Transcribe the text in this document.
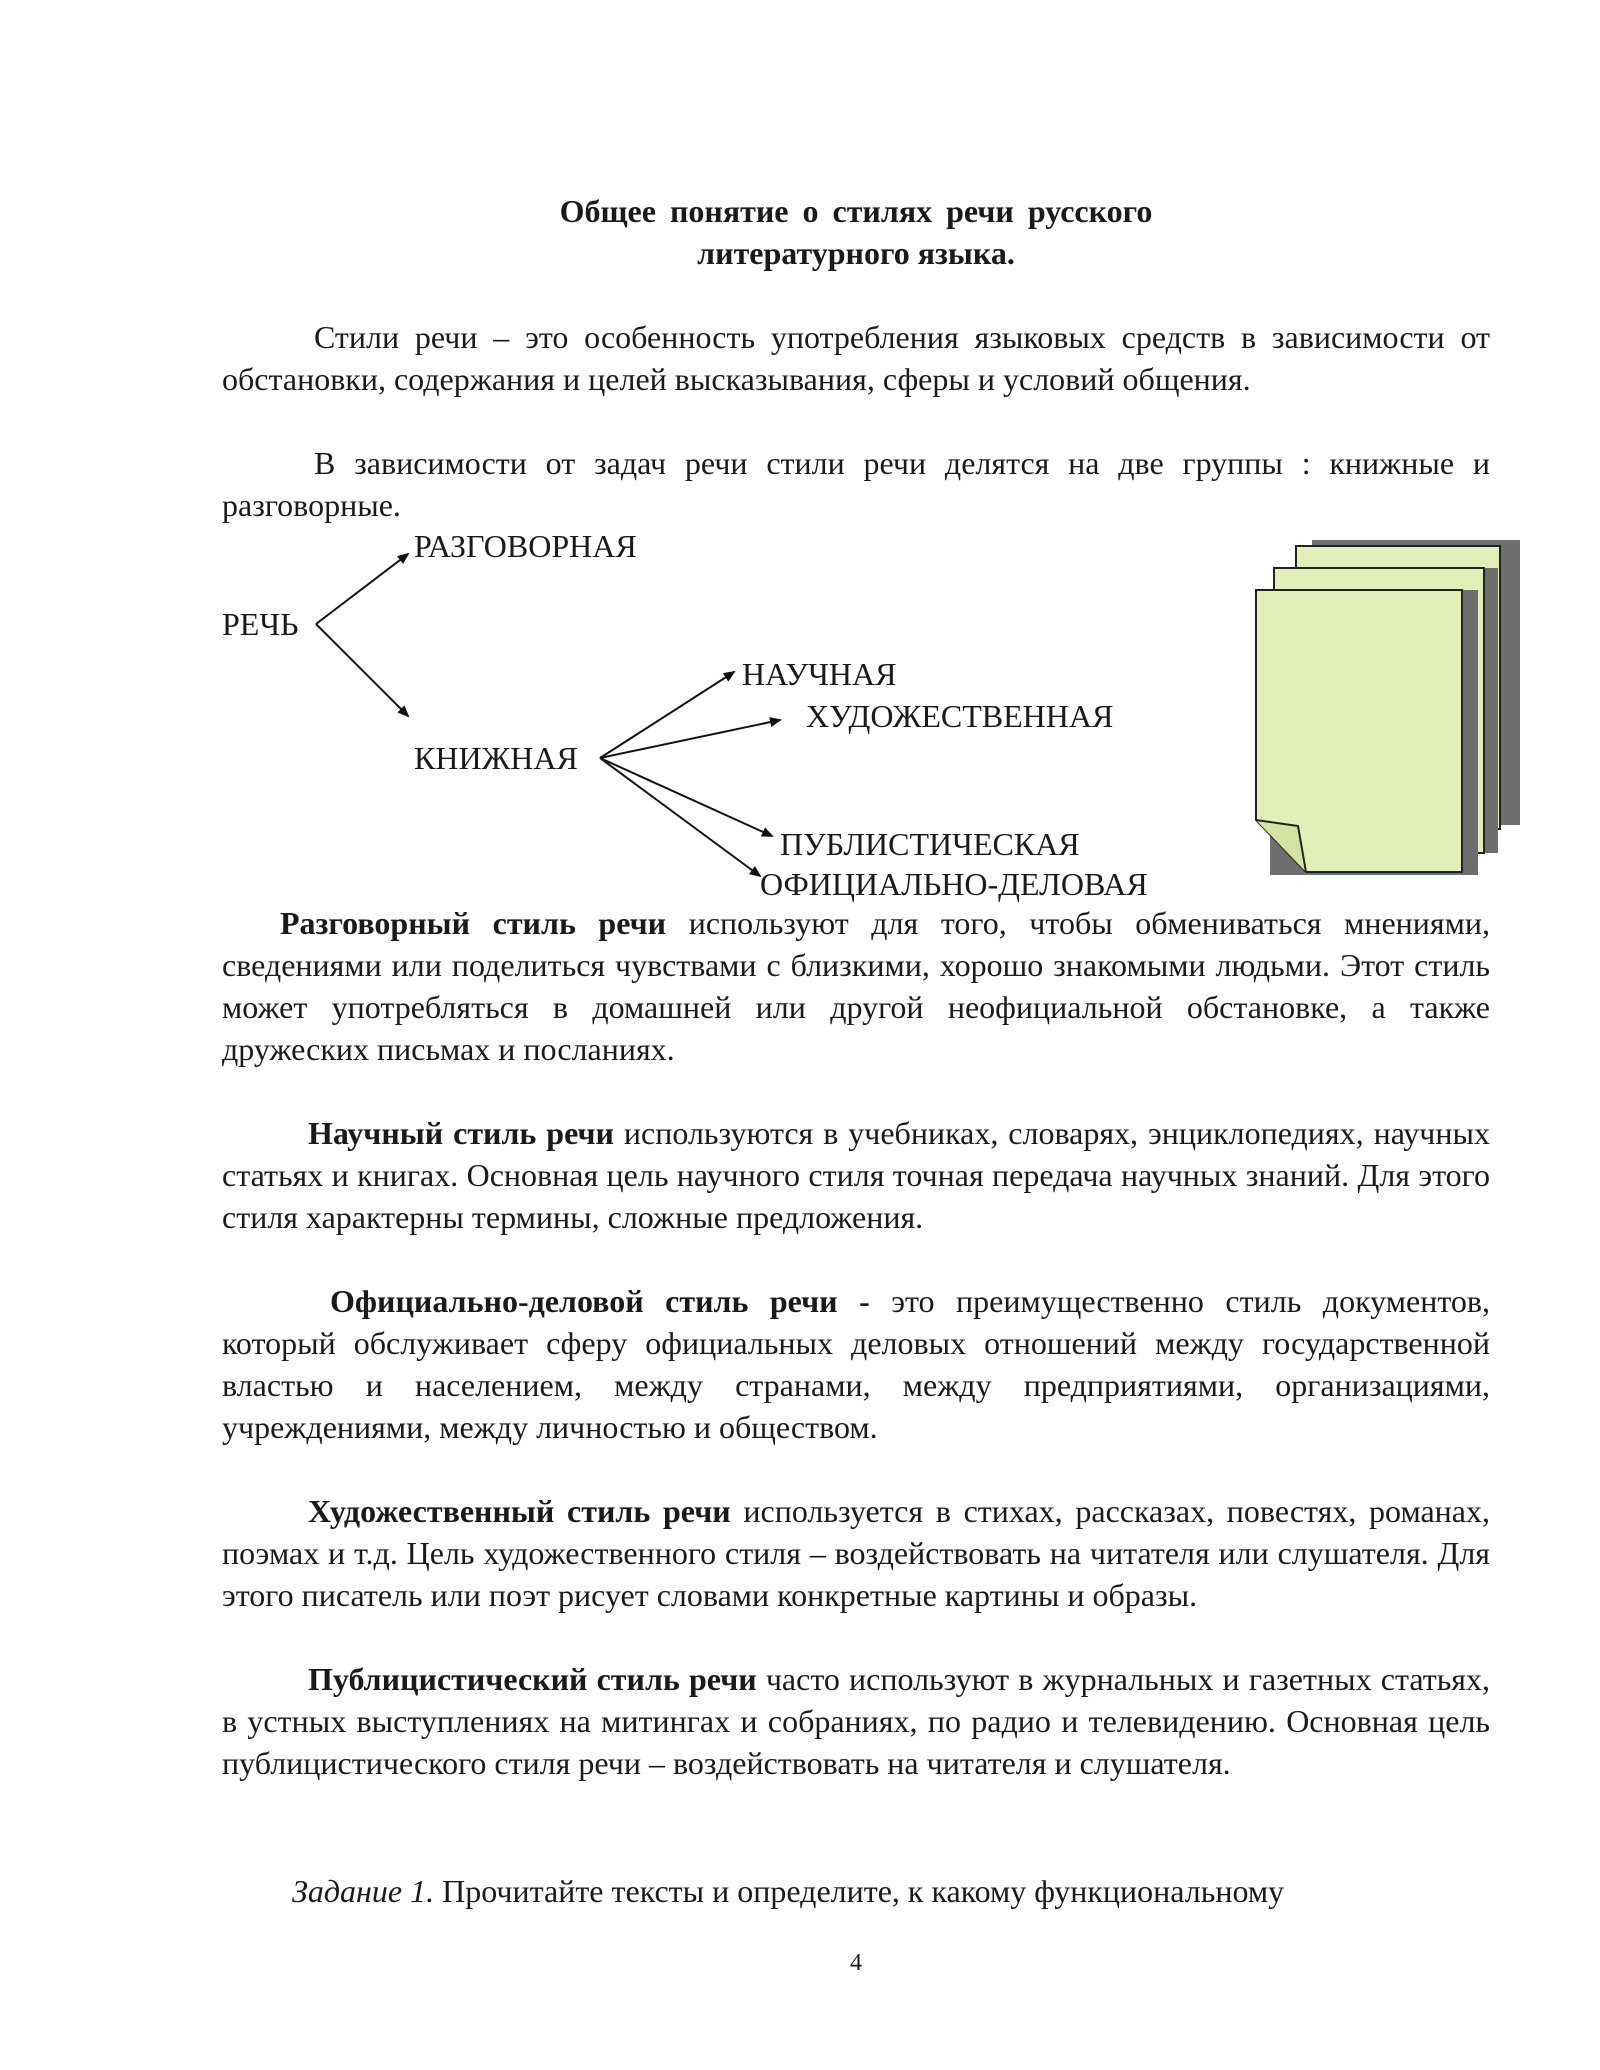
Общее понятие о стилях речи русского
литературного языка.

Стили речи – это особенность употребления языковых средств в зависимости от обстановки, содержания и целей высказывания, сферы и условий общения.

В зависимости от задач речи стили речи делятся на две группы : книжные и разговорные.

РЕЧЬ
РАЗГОВОРНАЯ
КНИЖНАЯ
НАУЧНАЯ
ХУДОЖЕСТВЕННАЯ
ПУБЛИСТИЧЕСКАЯ
ОФИЦИАЛЬНО-ДЕЛОВАЯ

Разговорный стиль речи используют для того, чтобы обмениваться мнениями, сведениями или поделиться чувствами с близкими, хорошо знакомыми людьми. Этот стиль может употребляться в домашней или другой неофициальной обстановке, а также дружеских письмах и посланиях.

Научный стиль речи используются в учебниках, словарях, энциклопедиях, научных статьях и книгах. Основная цель научного стиля точная передача научных знаний. Для этого стиля характерны термины, сложные предложения.

Официально-деловой стиль речи - это преимущественно стиль документов, который обслуживает сферу официальных деловых отношений между государственной властью и населением, между странами, между предприятиями, организациями, учреждениями, между личностью и обществом.

Художественный стиль речи используется в стихах, рассказах, повестях, романах, поэмах и т.д. Цель художественного стиля – воздействовать на читателя или слушателя. Для этого писатель или поэт рисует словами конкретные картины и образы.

Публицистический стиль речи часто используют в журнальных и газетных статьях, в устных выступлениях на митингах и собраниях, по радио и телевидению. Основная цель публицистического стиля речи – воздействовать на читателя и слушателя.

Задание 1. Прочитайте тексты и определите, к какому функциональному

4
